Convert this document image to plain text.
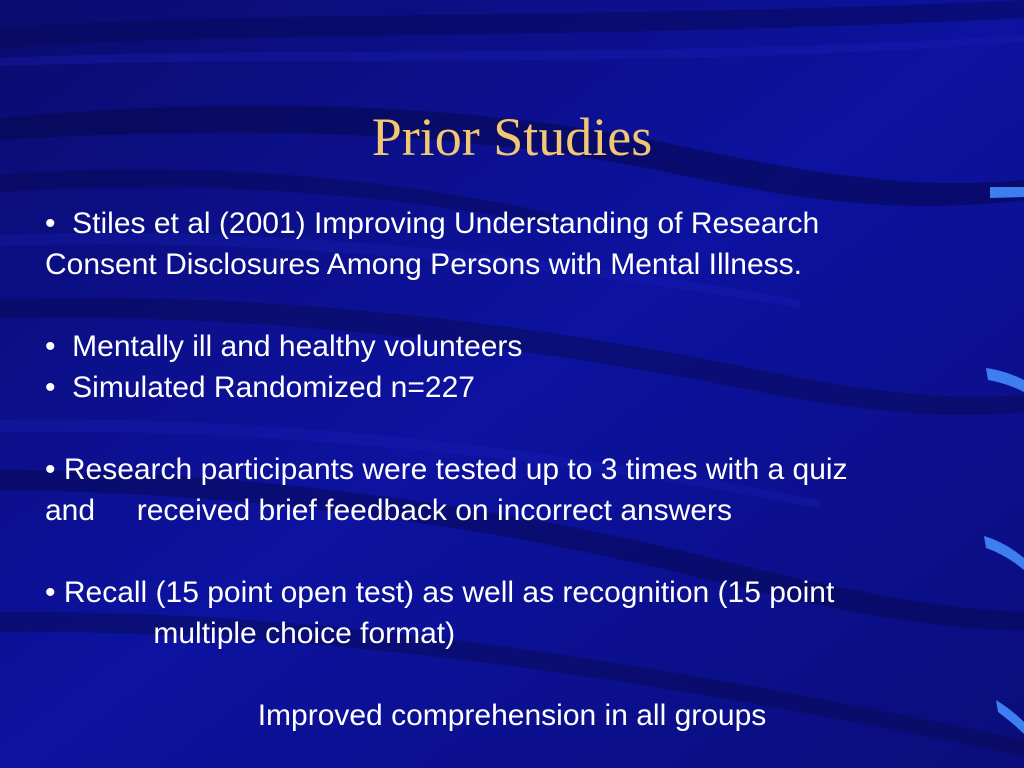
Prior Studies
•  Stiles et al (2001) Improving Understanding of Research
Consent Disclosures Among Persons with Mental Illness.
•  Mentally ill and healthy volunteers
•  Simulated Randomized n=227
• Research participants were tested up to 3 times with a quiz
and     received brief feedback on incorrect answers
• Recall (15 point open test) as well as recognition (15 point
multiple choice format)
Improved comprehension in all groups
